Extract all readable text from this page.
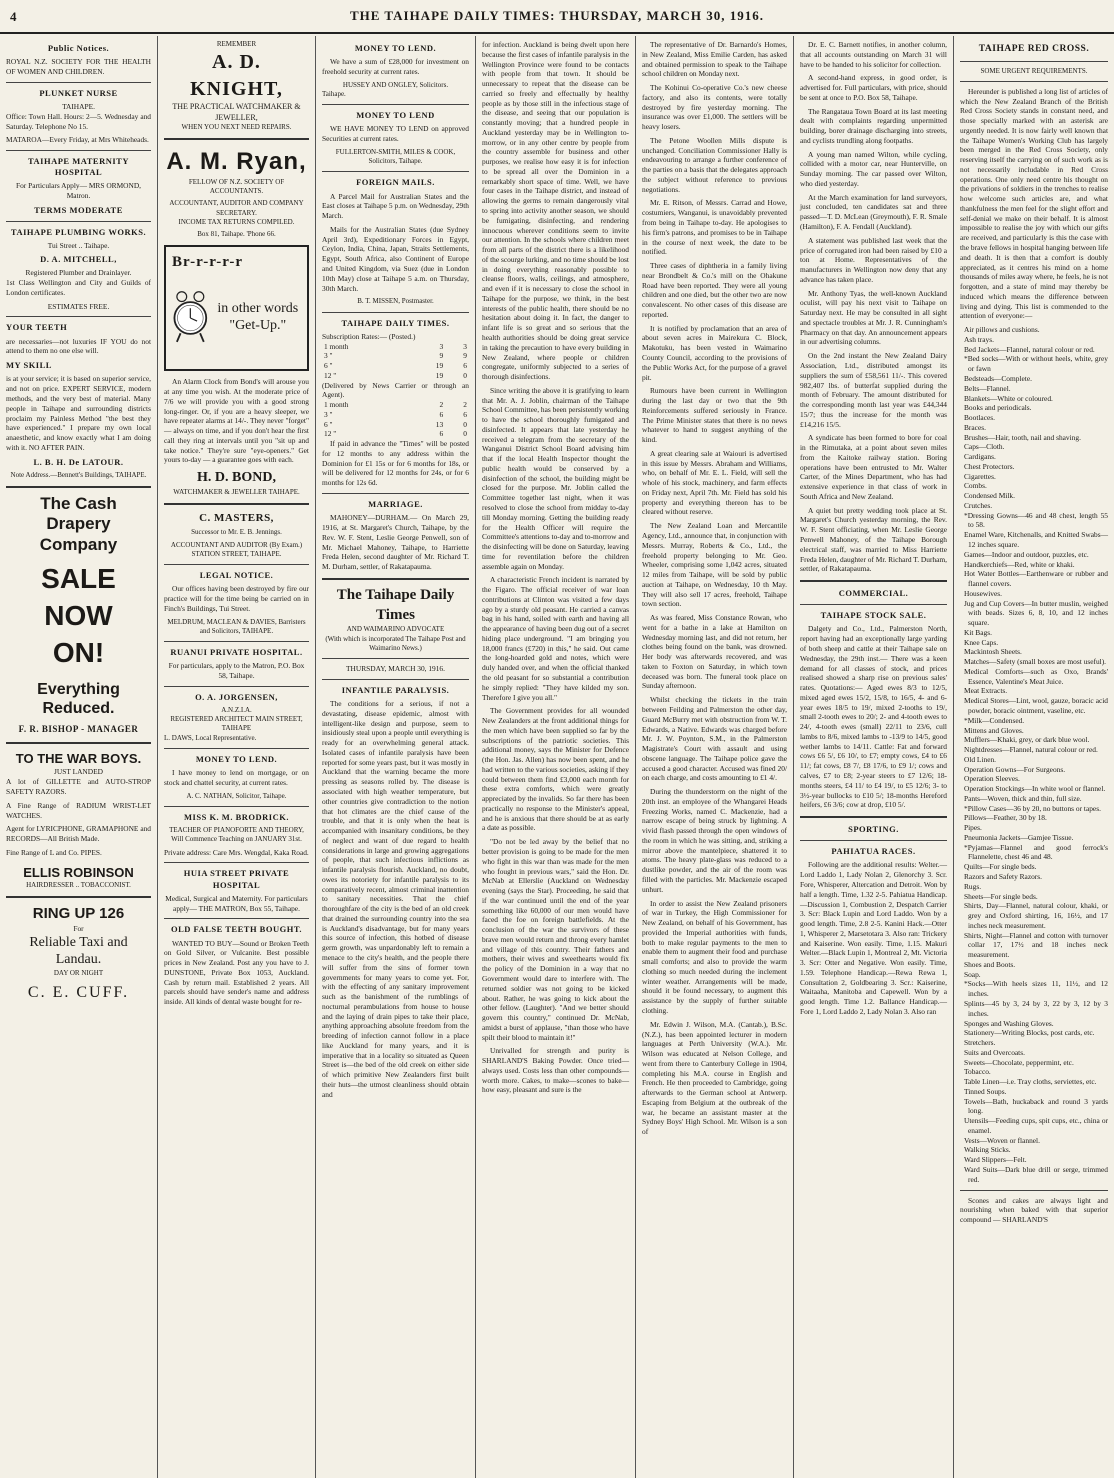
4	THE TAIHAPE DAILY TIMES: THURSDAY, MARCH 30, 1916.
Public Notices.

ROYAL N.Z. SOCIETY FOR THE HEALTH OF WOMEN AND CHILDREN.

PLUNKET NURSE
TAIHAPE.

Office: Town Hall. Hours: 2—5. Wednesday and Saturday. Telephone No 15.

MATAROA—Every Friday, at Mrs Whiteheads.

TAIHAPE MATERNITY HOSPITAL

For Particulars Apply— MRS ORMOND, Matron.

TERMS MODERATE
TAIHAPE PLUMBING WORKS.
Tui Street .. Taihape.
D. A. MITCHELL,
Registered Plumber and Drainlayer.

1st Class Wellington and City and Guilds of London certificates.

ESTIMATES FREE.
YOUR TEETH

are necessaries—not luxuries IF YOU do not attend to them no one else will.

MY SKILL

is at your service; it is based on superior service, and not on price. EXPERT SERVICE, modern methods, and the very best of material. Many people in Taihape and surrounding districts proclaim my Painless Method "the best they have experienced." I prepare my own local anaesthetic, and know exactly what I am doing with it. NO AFTER PAIN.

L. B. H. De LATOUR.
Note Address.—Bennett's Buildings, TAIHAPE.
The Cash Drapery Company
SALE
NOW
ON!
Everything Reduced.
F. R. BISHOP - MANAGER
TO THE WAR BOYS.
JUST LANDED

A lot of GILLETTE and AUTO-STROP SAFETY RAZORS.

A Fine Range of RADIUM WRIST-LET WATCHES.

Agent for LYRICPHONE, GRAMAPHONE and RECORDS—All British Made.

Fine Range of L and Co. PIPES.

ELLIS ROBINSON
HAIRDRESSER .. TOBACCONIST.
RING UP 126
For
Reliable Taxi and Landau.
DAY OR NIGHT
C. E. CUFF.
REMEMBER
A. D. KNIGHT,
THE PRACTICAL WATCHMAKER & JEWELLER,
WHEN YOU NEXT NEED REPAIRS.
A. M. Ryan,
FELLOW OF N.Z. SOCIETY OF ACCOUNTANTS.
ACCOUNTANT, AUDITOR AND COMPANY SECRETARY.
INCOME TAX RETURNS COMPILED.
Box 81, Taihape. 'Phone 66.
Br-r-r-r-r
in other words "Get-Up."

An Alarm Clock from Bond's will arouse you at any time you wish. At the moderate price of 7/6 we will provide you with a good strong long-ringer. Or, if you are a heavy sleeper, we have repeater alarms at 14/-. They never "forget" — always on time, and if you don't hear the first call they ring at intervals until you "sit up and take notice." They're sure "eye-openers." Get yours to-day — a guarantee goes with each.

H. D. BOND,
WATCHMAKER & JEWELLER TAIHAPE.
C. MASTERS,
Successor to Mr. E. B. Jennings.
ACCOUNTANT AND AUDITOR (By Exam.) STATION STREET, TAIHAPE.
LEGAL NOTICE.

Our offices having been destroyed by fire our practice will for the time being be carried on in Finch's Buildings, Tui Street.

MELDRUM, MACLEAN & DAVIES, Barristers and Solicitors, TAIHAPE.
RUANUI PRIVATE HOSPITAL.

For particulars, apply to the Matron, P.O. Box 58, Taihape.

O. A. JORGENSEN,
A.N.Z.I.A.
REGISTERED ARCHITECT MAIN STREET, TAIHAPE
L. DAWS, Local Representative.
MONEY TO LEND.

I have money to lend on mortgage, or on stock and chattel security, at current rates.

A. C. NATHAN, Solicitor, Taihape.
MISS K. M. BRODRICK.
TEACHER OF PIANOFORTE AND THEORY,
Will Commence Teaching on JANUARY 31st.

Private address: Care Mrs. Wengdal, Kaka Road.

HUIA STREET PRIVATE HOSPITAL

Medical, Surgical and Maternity. For particulars apply— THE MATRON, Box 55, Taihape.

OLD FALSE TEETH BOUGHT.

WANTED TO BUY—Sound or Broken Teeth on Gold Silver, or Vulcanite. Best possible prices in New Zealand. Post any you have to J. DUNSTONE, Private Box 1053, Auckland. Cash by return mail. Established 2 years. All parcels should have sender's name and address inside. All kinds of dental waste bought for re-

MONEY TO LEND.

We have a sum of £28,000 for investment on freehold security at current rates.

HUSSEY AND ONGLEY, Solicitors.
Taihape.
MONEY TO LEND

WE HAVE MONEY TO LEND on approved Securities at current rates.

FULLERTON-SMITH, MILES & COOK, Solicitors, Taihape.
FOREIGN MAILS.

A Parcel Mail for Australian States and the East closes at Taihape 5 p.m. on Wednesday, 29th March.

Mails for the Australian States (due Sydney April 3rd), Expeditionary Forces in Egypt, Ceylon, India, China, Japan, Straits Settlements, Egypt, South Africa, also Continent of Europe and United Kingdom, via Suez (due in London 10th May) close at Taihape 5 a.m. on Thursday, 30th March.

B. T. MISSEN, Postmaster.
TAIHAPE DAILY TIMES.
Subscription Rates:— (Posted.)
1 month	3	3
3 "	9	9
6 "	19	6
12 "	19	0
(Delivered by News Carrier or through an Agent).
1 month	2	2
3 "	6	6
6 "	13	0
12 "	6	0

If paid in advance the "Times" will be posted for 12 months to any address within the Dominion for £1 15s or for 6 months for 18s, or will be delivered for 12 months for 24s, or for 6 months for 12s 6d.

MARRIAGE.

MAHONEY—DURHAM.— On March 29, 1916, at St. Margaret's Church, Taihape, by the Rev. W. F. Stent, Leslie George Penwell, son of Mr. Michael Mahoney, Taihape, to Harriette Freda Helen, second daughter of Mr. Richard T. M. Durham, settler, of Rakatapauma.

The Taihape Daily Times
AND WAIMARINO ADVOCATE
(With which is incorporated The Taihape Post and Waimarino News.)
THURSDAY, MARCH 30, 1916.
INFANTILE PARALYSIS.

The conditions for a serious, if not a devastating, disease epidemic, almost with intelligent-like design and purpose, seem to insidiously steal upon a people until everything is ready for an overwhelming general attack. Isolated cases of infantile paralysis have been reported for some years past, but it was mostly in Auckland that the warning became the more pressing as seasons rolled by. The disease is associated with high weather temperature, but other countries give contradiction to the notion that hot climates are the chief cause of the trouble, and that it is only when the heat is accompanied with insanitary conditions, be they of neglect and want of due regard to health considerations in large and growing aggregations of people, that such infectious inflictions as infantile paralysis flourish. Auckland, no doubt, owes its notoriety for infantile paralysis to its comparatively recent, almost criminal inattention to sanitary necessities. That the chief thoroughfare of the city is the bed of an old creek that drained the surrounding country into the sea is Auckland's disadvantage, but for many years this source of infection, this hotbed of disease germ growth, was unpardonably left to remain a menace to the city's health, and the people there will suffer from the sins of former town governments for many years to come yet. For, with the effecting of any sanitary improvement such as the banishment of the rumblings of nocturnal perambulations from house to house and the laying of drain pipes to take their place, anything approaching absolute freedom from the breeding of infection cannot follow in a place like Auckland for many years, and it is imperative that in a locality so situated as Queen Street is—the bed of the old creek on either side of which primitive New Zealanders first built their huts—the utmost cleanliness should obtain and

for infection. Auckland is being dwelt upon here because the first cases of infantile paralysis in the Wellington Province were found to be contacts with people from that town. It should be unnecessary to repeat that the disease can be carried so freely and effectually by healthy people as by those still in the infectious stage of the disease, and seeing that our population is constantly moving; that a hundred people in Auckland yesterday may be in Wellington to-morrow, or in any other centre by people from the country assemble for business and other purposes, we realise how easy it is for infection to be spread all over the Dominion in a remarkably short space of time. Well, we have four cases in the Taihape district, and instead of allowing the germs to remain dangerously vital to spring into activity another season, we should be fumigating, disinfecting, and rendering innocuous wherever conditions seem to invite our attention. In the schools where children meet from all parts of the district there is a likelihood of the scourge lurking, and no time should be lost in doing everything reasonably possible to cleanse floors, walls, ceilings, and atmosphere, and even if it is necessary to close the school in Taihape for the purpose, we think, in the best interests of the public health, there should be no hesitation about doing it. In fact, the danger to infant life is so great and so serious that the health authorities should be doing great service in taking the precaution to have every building in New Zealand, where people or children congregate, uniformly subjected to a series of thorough disinfections.

Since writing the above it is gratifying to learn that Mr. A. J. Joblin, chairman of the Taihape School Committee, has been persistently working to have the school thoroughly fumigated and disinfected. It appears that late yesterday he received a telegram from the secretary of the Wanganui District School Board advising him that if the local Health Inspector thought the public health would be conserved by a disinfection of the school, the building might be closed for the purpose. Mr. Joblin called the Committee together last night, when it was resolved to close the school from midday to-day till Monday morning. Getting the building ready for the Health Officer will require the Committee's attentions to-day and to-morrow and the disinfecting will be done on Saturday, leaving time for reventilation before the children assemble again on Monday.

A characteristic French incident is narrated by the Figaro. The official receiver of war loan contributions at Clinton was visited a few days ago by a sturdy old peasant. He carried a canvas bag in his hand, soiled with earth and having all the appearance of having been dug out of a secret hiding place underground. "I am bringing you 18,000 francs (£720) in this," he said. Out came the long-hoarded gold and notes, which were duly handed over, and when the official thanked the old peasant for so substantial a contribution he simply replied: "They have kilded my son. Therefore I give you all."

The Government provides for all wounded New Zealanders at the front additional things for the men which have been supplied so far by the subscriptions of the patriotic societies. This additional money, says the Minister for Defence (the Hon. Jas. Allen) has now been spent, and he had written to the various societies, asking if they could between them find £3,000 each month for these extra comforts, which were greatly appreciated by the invalids. So far there has been practically no response to the Minister's appeal, and he is anxious that there should be at as early a date as possible.

"Do not be led away by the belief that no better provision is going to be made for the men who fight in this war than was made for the men who fought in previous wars," said the Hon. Dr. McNab at Ellerslie (Auckland on Wednesday evening (says the Star). Proceeding, he said that if the war continued until the end of the year something like 60,000 of our men would have faced the foe on foreign battlefields. At the conclusion of the war the survivors of these brave men would return and throng every hamlet and village of this country. Their fathers and mothers, their wives and sweethearts would fix the policy of the Dominion in a way that no Government would dare to interfere with. The returned soldier was not going to be kicked about. Rather, he was going to kick about the other fellow. (Laughter). "And we better should govern this country," continued Dr. McNab, amidst a burst of applause, "than those who have spilt their blood to maintain it!"

Unrivalled for strength and purity is SHARLAND'S Baking Powder. Once tried—always used. Costs less than other compounds—worth more. Cakes, to make—scones to bake—how easy, pleasant and sure is the

The representative of Dr. Barnardo's Homes, in New Zealand, Miss Emilie Carden, has asked and obtained permission to speak to the Taihape school children on Monday next.

The Kohinui Co-operative Co.'s new cheese factory, and also its contents, were totally destroyed by fire yesterday morning. The insurance was over £1,000. The settlers will be heavy losers.

The Petone Woollen Mills dispute is unchanged. Conciliation Commissioner Hally is endeavouring to arrange a further conference of the parties on a basis that the delegates approach the subject without reference to previous negotiations.

Mr. E. Ritson, of Messrs. Carrad and Howe, costumiers, Wanganui, is unavoidably prevented from being in Taihape to-day. He apologises to his firm's patrons, and promises to be in Taihape in the course of next week, the date to be notified.

Three cases of diphtheria in a family living near Brondbelt & Co.'s mill on the Ohakune Road have been reported. They were all young children and one died, but the other two are now convalescent. No other cases of this disease are reported.

It is notified by proclamation that an area of about seven acres in Mairekura C. Block, Makotuku, has been vested in Waimarino County Council, according to the provisions of the Public Works Act, for the purpose of a gravel pit.

Rumours have been current in Wellington during the last day or two that the 9th Reinforcements suffered seriously in France. The Prime Minister states that there is no news whatever to hand to suggest anything of the kind.

A great clearing sale at Waiouri is advertised in this issue by Messrs. Abraham and Williams, who, on behalf of Mr. E. L. Field, will sell the whole of his stock, machinery, and farm effects on Friday next, April 7th. Mr. Field has sold his property and everything thereon has to be cleared without reserve.

The New Zealand Loan and Mercantile Agency, Ltd., announce that, in conjunction with Messrs. Murray, Roberts & Co., Ltd., the freehold property belonging to Mr. Geo. Wheeler, comprising some 1,042 acres, situated 12 miles from Taihape, will be sold by public auction at Taihape, on Wednesday, 10 th May. They will also sell 17 acres, freehold, Taihape town section.

As was feared, Miss Constance Rowan, who went for a bathe in a lake at Hamilton on Wednesday morning last, and did not return, her clothes being found on the bank, was drowned. Her body was afterwards recovered, and was taken to Foxton on Saturday, in which town deceased was born. The funeral took place on Sunday afternoon.

Whilst checking the tickets in the train between Feilding and Palmerston the other day, Guard McBurry met with obstruction from W. T. Edwards, a Native. Edwards was charged before Mr. J. W. Poynton, S.M., in the Palmerston Magistrate's Court with assault and using obscene language. The Taihape police gave the accused a good character. Accused was fined 20/ on each charge, and costs amounting to £1 4/.

During the thunderstorm on the night of the 20th inst. an employee of the Whangarei Heads Freezing Works, named C. Mackenzie, had a narrow escape of being struck by lightning. A vivid flash passed through the open windows of the room in which he was sitting, and, striking a mirror above the mantelpiece, shattered it to atoms. The heavy plate-glass was reduced to a dustlike powder, and the air of the room was filled with the particles. Mr. Mackenzie escaped unhurt.

In order to assist the New Zealand prisoners of war in Turkey, the High Commissioner for New Zealand, on behalf of his Government, has provided the Imperial authorities with funds, both to make regular payments to the men to enable them to augment their food and purchase small comforts; and also to provide the warm clothing so much needed during the inclement winter weather. Arrangements will be made, should it be found necessary, to augment this assistance by the supply of further suitable clothing.

Mr. Edwin J. Wilson, M.A. (Cantab.), B.Sc. (N.Z.), has been appointed lecturer in modern languages at Perth University (W.A.). Mr. Wilson was educated at Nelson College, and went from there to Canterbury College in 1904, completing his M.A. course in English and French. He then proceeded to Cambridge, going afterwards to the German school at Antwerp. Escaping from Belgium at the outbreak of the war, he became an assistant master at the Sydney Boys' High School. Mr. Wilson is a son of

Dr. E. C. Barnett notifies, in another column, that all accounts outstanding on March 31 will have to be handed to his solicitor for collection.

A second-hand express, in good order, is advertised for. Full particulars, with price, should be sent at once to P.O. Box 58, Taihape.

The Rangataua Town Board at its last meeting dealt with complaints regarding unpermitted building, borer drainage discharging into streets, and cyclists trundling along footpaths.

A young man named Wilton, while cycling, collided with a motor car, near Hunterville, on Sunday morning. The car passed over Wilton, who died yesterday.

At the March examination for land surveyors, just concluded, ten candidates sat and three passed—T. D. McLean (Greymouth), F. R. Smale (Hamilton), F. A. Fendall (Auckland).

A statement was published last week that the price of corrugated iron had been raised by £10 a ton at Home. Representatives of the manufacturers in Wellington now deny that any advance has taken place.

Mr. Anthony Tyas, the well-known Auckland oculist, will pay his next visit to Taihape on Saturday next. He may be consulted in all sight and spectacle troubles at Mr. J. R. Cunningham's Pharmacy on that day. An announcement appears in our advertising columns.

On the 2nd instant the New Zealand Dairy Association, Ltd., distributed amongst its suppliers the sum of £58,561 11/-. This covered 982,407 lbs. of butterfat supplied during the month of February. The amount distributed for the corresponding month last year was £44,344 15/7; thus the increase for the month was £14,216 15/5.

A syndicate has been formed to bore for coal in the Rimutaka, at a point about seven miles from the Kaitoke railway station. Boring operations have been entrusted to Mr. Walter Carter, of the Mines Department, who has had extensive experience in that class of work in South Africa and New Zealand.

A quiet but pretty wedding took place at St. Margaret's Church yesterday morning, the Rev. W. F. Stent officiating, when Mr. Leslie George Penwell Mahoney, of the Taihape Borough electrical staff, was married to Miss Harriette Freda Helen, daughter of Mr. Richard T. Durham, settler, of Rakatapauma.

COMMERCIAL.
TAIHAPE STOCK SALE.

Dalgety and Co., Ltd., Palmerston North, report having had an exceptionally large yarding of both sheep and cattle at their Taihape sale on Wednesday, the 29th inst.— There was a keen demand for all classes of stock, and prices realised showed a sharp rise on previous sales' rates. Quotations:— Aged ewes 8/3 to 12/5, mixed aged ewes 15/2, 15/8, to 16/5, 4- and 6-year ewes 18/5 to 19/, mixed 2-tooths to 19/, small 2-tooth ewes to 20/; 2- and 4-tooth ewes to 24/, 4-tooth ewes (small) 22/11 to 23/6, cull lambs to 8/6, mixed lambs to -13/9 to 14/5, good wether lambs to 14/11. Cattle: Fat and forward cows £6 5/, £6 10/, to £7; empty cows, £4 to £6 11/; fat cows, £8 7/, £8 17/6, to £9 1/; cows and calves, £7 to £8; 2-year steers to £7 12/6; 18-months steers, £4 11/ to £4 19/, to £5 12/6; 3- to 3½-year bullocks to £10 5/; 18-months Hereford heifers, £6 3/6; cow at drop, £10 5/.

SPORTING.
PAHIATUA RACES.

Following are the additional results: Welter.—Lord Laddo 1, Lady Nolan 2, Glenorchy 3. Scr. Fore, Whisperer, Altercation and Detroit. Won by half a length. Time, 1.32 2-5. Pahiatua Handicap.—Discussion 1, Combustion 2, Despatch Carrier 3. Scr: Black Lupin and Lord Laddo. Won by a good length. Time, 2.8 2-5. Kanini Hack.—Otter 1, Whisperer 2, Marsetotara 3. Also ran: Trickery and Kaiserine. Won easily. Time, 1.15. Makuri Welter.—Black Lupin 1, Montreal 2, Mt. Victoria 3. Scr: Otter and Negative. Won easily. Time, 1.59. Telephone Handicap.—Rewa Rewa 1, Consultation 2, Goldbearing 3. Scr.: Kaiserine, Waitaaha, Manitoba and Capewell. Won by a good length. Time 1.2. Ballance Handicap.—Fore 1, Lord Laddo 2, Lady Nolan 3. Also ran

TAIHAPE RED CROSS.
SOME URGENT REQUIREMENTS.

Hereunder is published a long list of articles of which the New Zealand Branch of the British Red Cross Society stands in constant need, and those specially marked with an asterisk are urgently needed. It is now fairly well known that the Taihape Women's Working Club has largely been merged in the Red Cross Society, only reserving itself the carrying on of such work as is not necessarily includable in Red Cross operations. One only need centre his thought on the privations of soldiers in the trenches to realise how welcome such articles are, and what thankfulness the men feel for the slight effort and self-denial we make on their behalf. It is almost impossible to realise the joy with which our gifts are received, and particularly is this the case with the brave fellows in hospital hanging between life and death. It is then that a comfort is doubly appreciated, as it centres his mind on a home thousands of miles away where, he feels, he is not forgotten, and a state of mind may thereby be induced which means the difference between living and dying. This list is commended to the attention of everyone:—

Air pillows and cushions.
Ash trays.
Bed Jackets—Flannel, natural colour or red.
*Bed socks—With or without heels, white, grey or fawn
Bedsteads—Complete.
Belts—Flannel.
Blankets—White or coloured.
Books and periodicals.
Bootlaces.
Braces.
Brushes—Hair, tooth, nail and shaving.
Caps—Cloth.
Cardigans.
Chest Protectors.
Cigarettes.
Combs.
Condensed Milk.
Crutches.
*Dressing Gowns—46 and 48 chest, length 55 to 58.
Enamel Ware, Kitchenalls, and Knitted Swabs—12 inches square.
Games—Indoor and outdoor, puzzles, etc.
Handkerchiefs—Red, white or khaki.
Hot Water Bottles—Earthenware or rubber and flannel covers.
Housewives.
Jug and Cup Covers—In butter muslin, weighed with beads. Sizes 6, 8, 10, and 12 inches square.
Kit Bags.
Knee Caps.
Mackintosh Sheets.
Matches—Safety (small boxes are most useful).
Medical Comforts—such as Oxo, Brands' Essence, Valentine's Meat Juice.
Meat Extracts.
Medical Stores—Lint, wool, gauze, boracic acid powder, boracic ointment, vaseline, etc.
*Milk—Condensed.
Mittens and Gloves.
Mufflers—Khaki, grey, or dark blue wool.
Nightdresses—Flannel, natural colour or red.
Old Linen.
Operation Gowns—For Surgeons.
Operation Sleeves.
Operation Stockings—In white wool or flannel.
Pants—Woven, thick and thin, full size.
*Pillow Cases—36 by 20, no buttons or tapes.
Pillows—Feather, 30 by 18.
Pipes.
Pneumonia Jackets—Gamjee Tissue.
*Pyjamas—Flannel and good ferrock's Flannelette, chest 46 and 48.
Quilts—For single beds.
Razors and Safety Razors.
Rugs.
Sheets—For single beds.
Shirts, Day—Flannel, natural colour, khaki, or grey and Oxford shirting, 16, 16½, and 17 inches neck measurement.
Shirts, Night—Flannel and cotton with turnover collar 17, 17½ and 18 inches neck measurement.
Shoes and Boots.
Soap.
*Socks—With heels sizes 11, 11½, and 12 inches.
Splints—45 by 3, 24 by 3, 22 by 3, 12 by 3 inches.
Sponges and Washing Gloves.
Stationery—Writing Blocks, post cards, etc.
Stretchers.
Suits and Overcoats.
Sweets—Chocolate, peppermint, etc.
Tobacco.
Table Linen—i.e. Tray cloths, serviettes, etc.
Tinned Soups.
Towels—Bath, huckaback and round 3 yards long.
Utensils—Feeding cups, spit cups, etc., china or enamel.
Vests—Woven or flannel.
Walking Sticks.
Ward Slippers—Felt.
Ward Suits—Dark blue drill or serge, trimmed red.

Scones and cakes are always light and nourishing when baked with that superior compound — SHARLAND'S
